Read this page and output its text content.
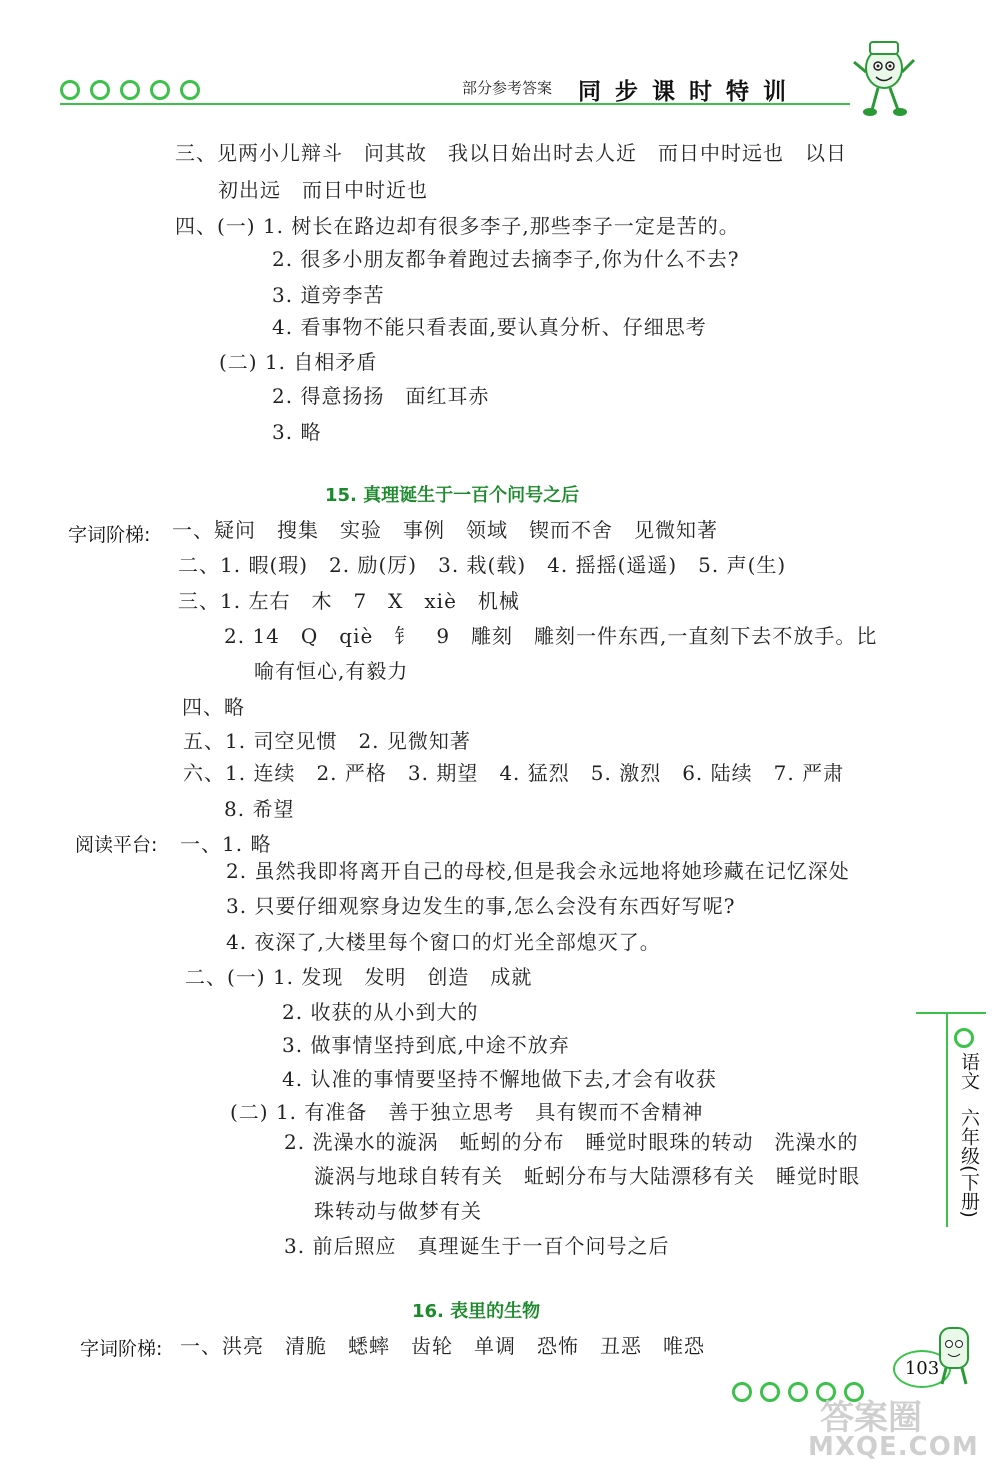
部分参考答案 同步课时特训
三、见两小儿辩斗　问其故　我以日始出时去人近　而日中时远也　以日
初出远　而日中时近也
四、(一) 1. 树长在路边却有很多李子,那些李子一定是苦的。
2. 很多小朋友都争着跑过去摘李子,你为什么不去?
3. 道旁李苦
4. 看事物不能只看表面,要认真分析、仔细思考
(二) 1. 自相矛盾
2. 得意扬扬　面红耳赤
3. 略
一、疑问　搜集　实验　事例　领域　锲而不舍　见微知著
二、1. 暇(瑕)　2. 励(厉)　3. 栽(载)　4. 摇摇(遥遥)　5. 声(生)
三、1. 左右　木　7　X　xiè　机械
2. 14　Q　qiè　钅　9　雕刻　雕刻一件东西,一直刻下去不放手。比
喻有恒心,有毅力
四、略
五、1. 司空见惯　2. 见微知著
六、1. 连续　2. 严格　3. 期望　4. 猛烈　5. 激烈　6. 陆续　7. 严肃
8. 希望
一、1. 略
2. 虽然我即将离开自己的母校,但是我会永远地将她珍藏在记忆深处
3. 只要仔细观察身边发生的事,怎么会没有东西好写呢?
4. 夜深了,大楼里每个窗口的灯光全部熄灭了。
二、(一) 1. 发现　发明　创造　成就
2. 收获的从小到大的
3. 做事情坚持到底,中途不放弃
4. 认准的事情要坚持不懈地做下去,才会有收获
(二) 1. 有准备　善于独立思考　具有锲而不舍精神
2. 洗澡水的漩涡　蚯蚓的分布　睡觉时眼珠的转动　洗澡水的
漩涡与地球自转有关　蚯蚓分布与大陆漂移有关　睡觉时眼
珠转动与做梦有关
3. 前后照应　真理诞生于一百个问号之后
一、洪亮　清脆　蟋蟀　齿轮　单调　恐怖　丑恶　唯恐
15. 真理诞生于一百个问号之后
16. 表里的生物
字词阶梯:
阅读平台:
字词阶梯:
语文
六年级(下册)
103
答案圈
MXQE.COM
